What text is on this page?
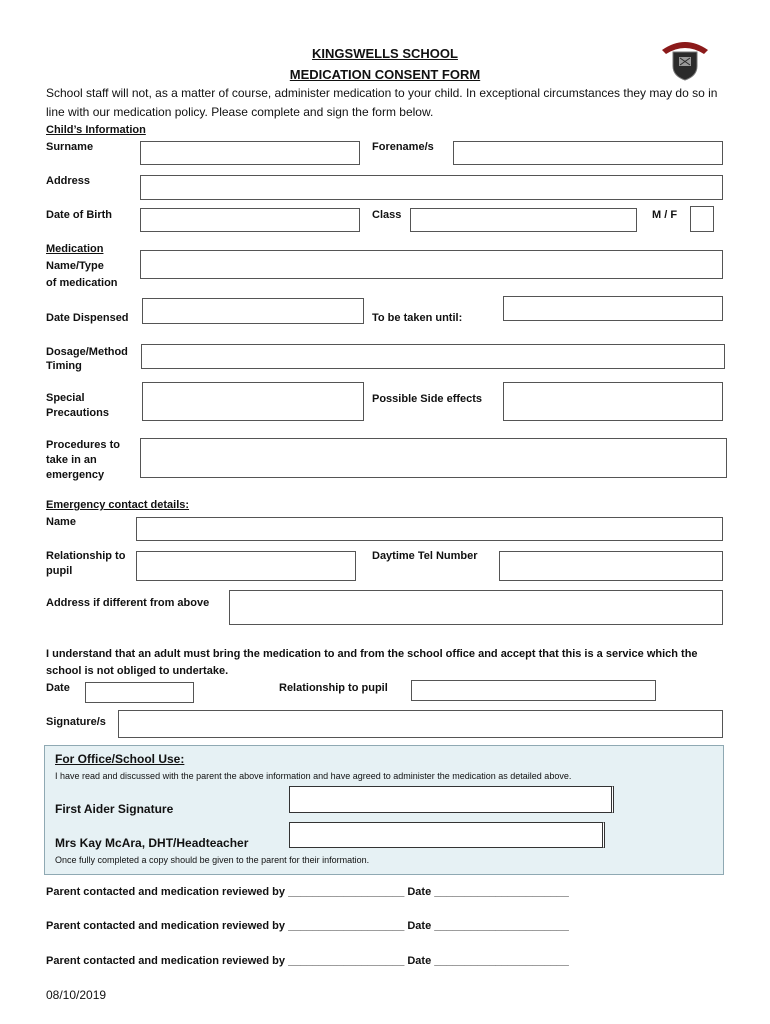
KINGSWELLS SCHOOL
MEDICATION CONSENT FORM
School staff will not, as a matter of course, administer medication to your child. In exceptional circumstances they may do so in line with our medication policy. Please complete and sign the form below.
Child’s Information
Surname	Forename/s
Address
Date of Birth	Class	M / F
Medication
Name/Type
of medication
Date Dispensed	To be taken until:
Dosage/Method
Timing
Special
Precautions
Possible Side effects
Procedures to
take in an
emergency
Emergency contact details:
Name
Relationship to
pupil
Daytime Tel Number
Address if different from above
I understand that an adult must bring the medication to and from the school office and accept that this is a service which the
school is not obliged to undertake.
Date	Relationship to pupil
Signature/s
For Office/School Use:
I have read and discussed with the parent the above information and have agreed to administer the medication as detailed above.
First Aider Signature
Mrs Kay McAra, DHT/Headteacher
Once fully completed a copy should be given to the parent for their information.
Parent contacted and medication reviewed by ___________________ Date ______________________
Parent contacted and medication reviewed by ___________________ Date ______________________
Parent contacted and medication reviewed by ___________________ Date ______________________
08/10/2019
